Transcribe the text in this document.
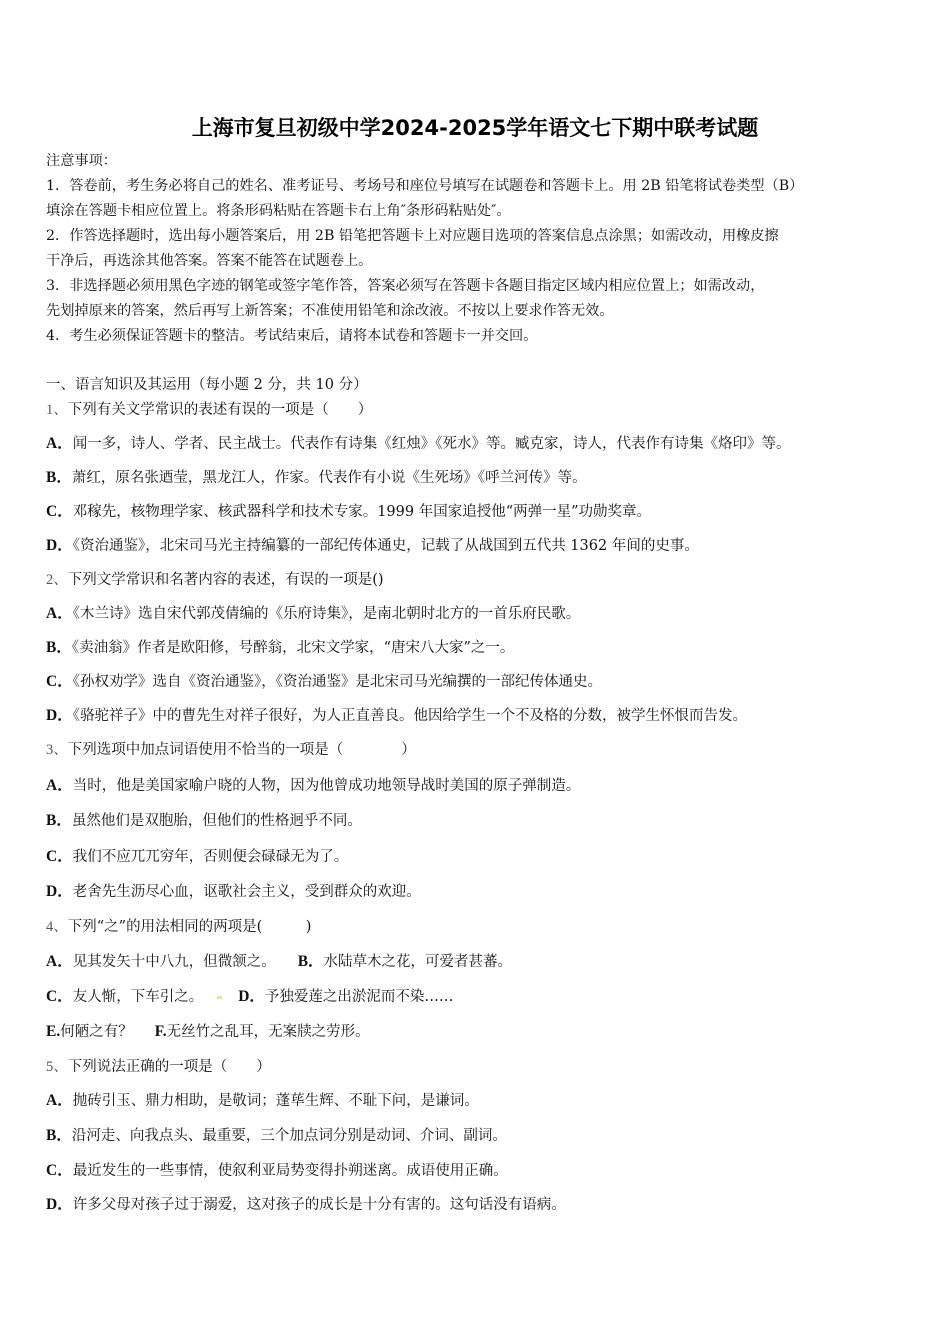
上海市复旦初级中学2024-2025学年语文七下期中联考试题
注意事项：
1．答卷前，考生务必将自己的姓名、准考证号、考场号和座位号填写在试题卷和答题卡上。用 2B 铅笔将试卷类型（B）
填涂在答题卡相应位置上。将条形码粘贴在答题卡右上角″条形码粘贴处″。
2．作答选择题时，选出每小题答案后，用 2B 铅笔把答题卡上对应题目选项的答案信息点涂黑；如需改动，用橡皮擦
干净后，再选涂其他答案。答案不能答在试题卷上。
3．非选择题必须用黑色字迹的钢笔或签字笔作答，答案必须写在答题卡各题目指定区域内相应位置上；如需改动，
先划掉原来的答案，然后再写上新答案；不准使用铅笔和涂改液。不按以上要求作答无效。
4．考生必须保证答题卡的整洁。考试结束后，请将本试卷和答题卡一并交回。
一、语言知识及其运用（每小题 2 分，共 10 分）
1、下列有关文学常识的表述有误的一项是（　　）
A．闻一多，诗人、学者、民主战士。代表作有诗集《红烛》《死水》等。臧克家，诗人，代表作有诗集《烙印》等。
B．萧红，原名张迺莹，黑龙江人，作家。代表作有小说《生死场》《呼兰河传》等。
C．邓稼先，核物理学家、核武器科学和技术专家。1999 年国家追授他“两弹一星”功勋奖章。
D．《资治通鉴》，北宋司马光主持编纂的一部纪传体通史，记载了从战国到五代共 1362 年间的史事。
2、下列文学常识和名著内容的表述，有误的一项是()
A．《木兰诗》选自宋代郭茂倩编的《乐府诗集》，是南北朝时北方的一首乐府民歌。
B．《卖油翁》作者是欧阳修，号醉翁，北宋文学家，“唐宋八大家”之一。
C．《孙权劝学》选自《资治通鉴》，《资治通鉴》是北宋司马光编撰的一部纪传体通史。
D．《骆驼祥子》中的曹先生对祥子很好，为人正直善良。他因给学生一个不及格的分数，被学生怀恨而告发。
3、下列选项中加点词语使用不恰当的一项是（　　　　）
A．当时，他是美国家喻户晓的人物，因为他曾成功地领导战时美国的原子弹制造。
B．虽然他们是双胞胎，但他们的性格迥乎不同。
C．我们不应兀兀穷年，否则便会碌碌无为了。
D．老舍先生沥尽心血，讴歌社会主义，受到群众的欢迎。
4、下列“之”的用法相同的两项是(　　　)
A．见其发矢十中八九，但微颔之。 B．水陆草木之花，可爱者甚蕃。
C．友人惭，下车引之。 D．予独爱莲之出淤泥而不染……
E.何陋之有？ F.无丝竹之乱耳，无案牍之劳形。
5、下列说法正确的一项是（　　）
A．抛砖引玉、鼎力相助，是敬词；蓬荜生辉、不耻下问，是谦词。
B．沿河走、向我点头、最重要，三个加点词分别是动词、介词、副词。
C．最近发生的一些事情，使叙利亚局势变得扑朔迷离。成语使用正确。
D．许多父母对孩子过于溺爱，这对孩子的成长是十分有害的。这句话没有语病。
